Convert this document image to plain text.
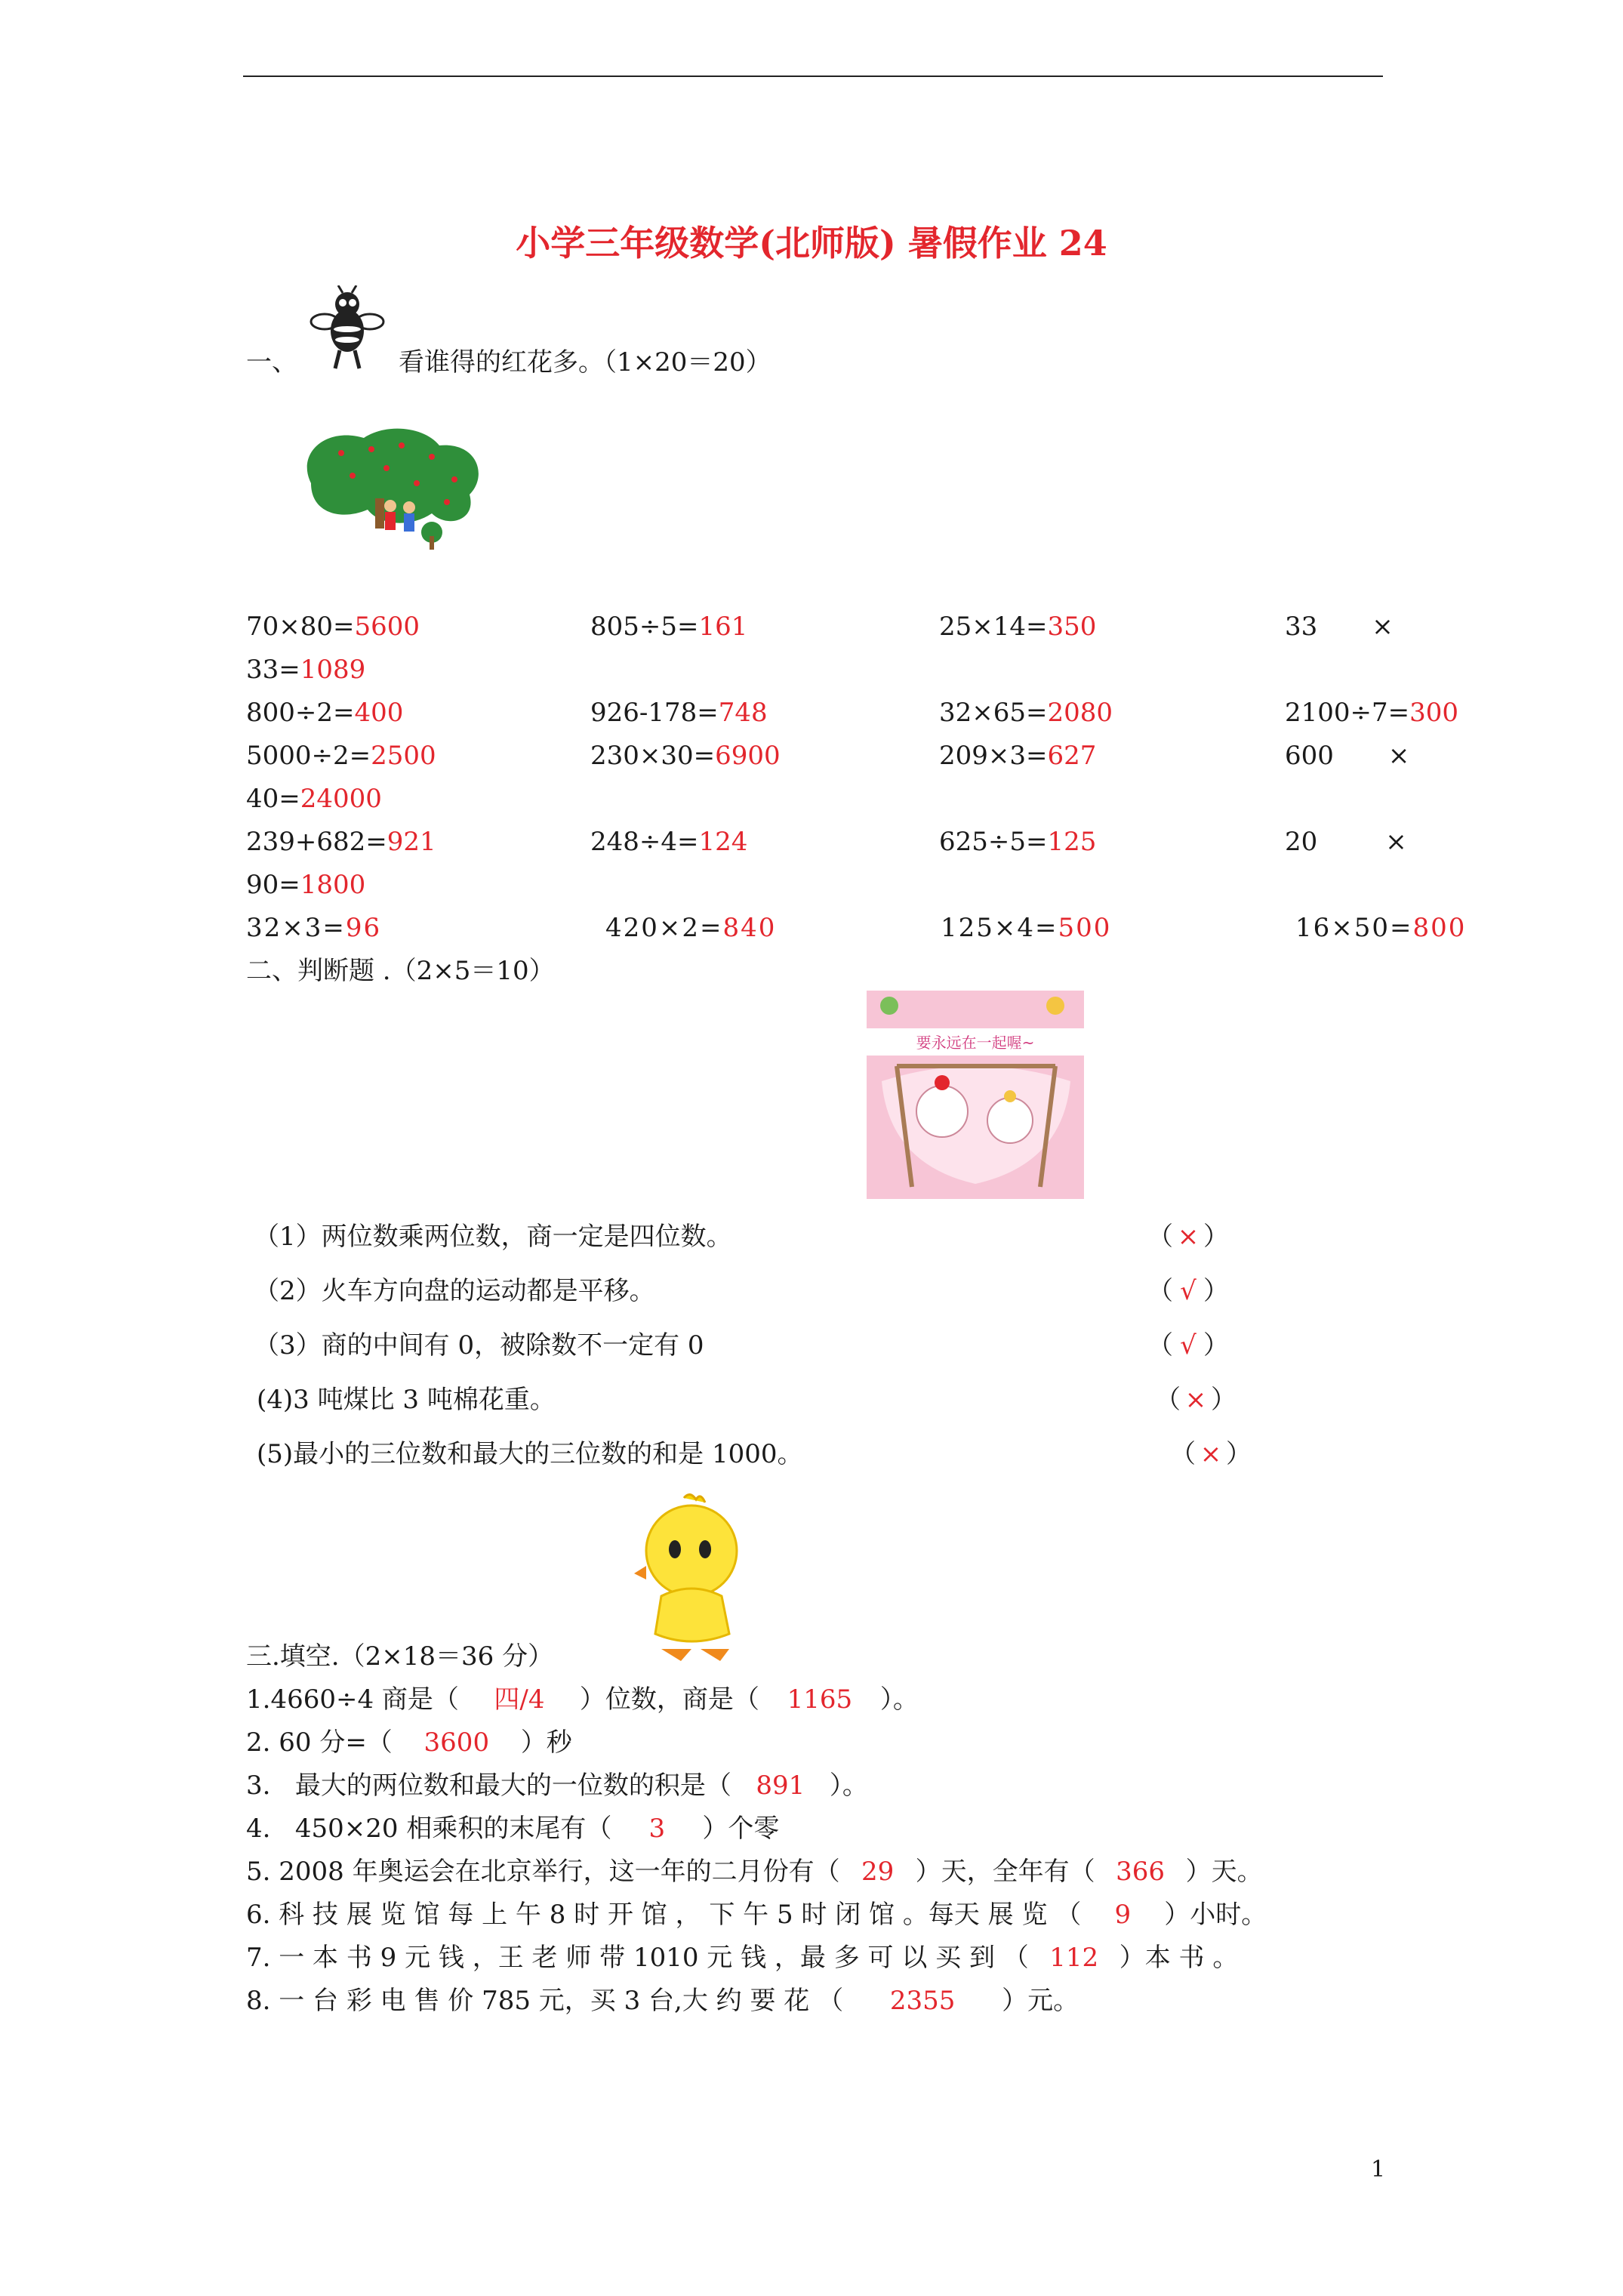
小学三年级数学(北师版) 暑假作业 24
一、	看谁得的红花多。（1×20＝20）
70×80=5600	805÷5=161	25×14=350	33 ×
33=1089
800÷2=400	926-178=748	32×65=2080	2100÷7=300
5000÷2=2500	230×30=6900	209×3=627	600 ×
40=24000
239+682=921	248÷4=124	625÷5=125	20	×
90=1800
32×3=96	420×2=840	125×4=500	16×50=800
二、判断题 .（2×5＝10）
要永远在一起喔~
（1）两位数乘两位数，商一定是四位数。	（ × ）
（2）火车方向盘的运动都是平移。	（ √ ）
（3）商的中间有 0，被除数不一定有 0	（ √ ）
(4)3 吨煤比 3 吨棉花重。	（ × ）
(5)最小的三位数和最大的三位数的和是 1000。	（ × ）
三.填空.（2×18＝36 分）
1.4660÷4 商是（ 四/4 ）位数，商是（ 1165 ）。
2. 60 分=（ 3600 ）秒
3.   最大的两位数和最大的一位数的积是（ 891 ）。
4.   450×20 相乘积的末尾有（ 3 ）个零
5. 2008 年奥运会在北京举行，这一年的二月份有（ 29 ）天，全年有（ 366 ）天。
6. 科 技 展 览 馆 每 上 午 8 时 开 馆 ， 下 午 5 时 闭 馆 。每天 展 览 （ 9 ）小时。
7. 一 本 书 9 元 钱 ，王 老 师 带 1010 元 钱 ，最 多 可 以 买 到 （ 112 ）本 书 。
8. 一 台 彩 电 售 价 785 元，买 3 台,大 约 要 花 （ 2355 ）元。
1
